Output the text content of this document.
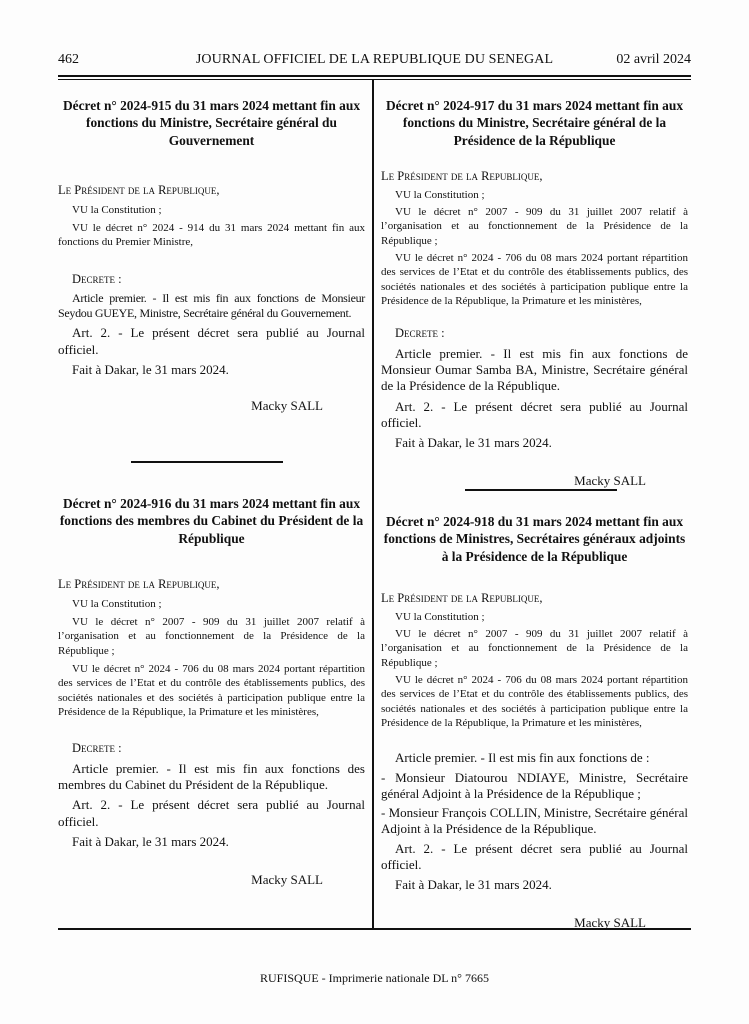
462	JOURNAL OFFICIEL DE LA REPUBLIQUE DU SENEGAL	02 avril 2024
Décret n° 2024-915 du 31 mars 2024 mettant fin aux fonctions du Ministre, Secrétaire général du Gouvernement
Le Président de la Republique,
VU la Constitution ;
VU le décret n° 2024 - 914 du 31 mars 2024 mettant fin aux fonctions du Premier Ministre,
Decrete :
Article premier. - Il est mis fin aux fonctions de Monsieur Seydou GUEYE, Ministre, Secrétaire général du Gouvernement.
Art. 2. - Le présent décret sera publié au Journal officiel.
Fait à Dakar, le 31 mars 2024.
Macky SALL
Décret n° 2024-916 du 31 mars 2024 mettant fin aux fonctions des membres du Cabinet du Président de la République
Le Président de la Republique,
VU la Constitution ;
VU le décret n° 2007 - 909 du 31 juillet 2007 relatif à l’organisation et au fonctionnement de la Présidence de la République ;
VU le décret n° 2024 - 706 du 08 mars 2024 portant répartition des services de l’Etat et du contrôle des établissements publics, des sociétés nationales et des sociétés à participation publique entre la Présidence de la République, la Primature et les ministères,
Decrete :
Article premier. - Il est mis fin aux fonctions des membres du Cabinet du Président de la République.
Art. 2. - Le présent décret sera publié au Journal officiel.
Fait à Dakar, le 31 mars 2024.
Macky SALL
Décret n° 2024-917 du 31 mars 2024 mettant fin aux fonctions du Ministre, Secrétaire général de la Présidence de la République
Le Président de la Republique,
VU la Constitution ;
VU le décret n° 2007 - 909 du 31 juillet 2007 relatif à l’organisation et au fonctionnement de la Présidence de la République ;
VU le décret n° 2024 - 706 du 08 mars 2024 portant répartition des services de l’Etat et du contrôle des établissements publics, des sociétés nationales et des sociétés à participation publique entre la Présidence de la République, la Primature et les ministères,
Decrete :
Article premier. - Il est mis fin aux fonctions de Monsieur Oumar Samba BA, Ministre, Secrétaire général de la Présidence de la République.
Art. 2. - Le présent décret sera publié au Journal officiel.
Fait à Dakar, le 31 mars 2024.
Macky SALL
Décret n° 2024-918 du 31 mars 2024 mettant fin aux fonctions de Ministres, Secrétaires généraux adjoints à la Présidence de la République
Le Président de la Republique,
VU la Constitution ;
VU le décret n° 2007 - 909 du 31 juillet 2007 relatif à l’organisation et au fonctionnement de la Présidence de la République ;
VU le décret n° 2024 - 706 du 08 mars 2024 portant répartition des services de l’Etat et du contrôle des établissements publics, des sociétés nationales et des sociétés à participation publique entre la Présidence de la République, la Primature et les ministères,
Article premier. - Il est mis fin aux fonctions de :
- Monsieur Diatourou NDIAYE, Ministre, Secrétaire général Adjoint à la Présidence de la République ;
- Monsieur François COLLIN, Ministre, Secrétaire général Adjoint à la Présidence de la République.
Art. 2. - Le présent décret sera publié au Journal officiel.
Fait à Dakar, le 31 mars 2024.
Macky SALL
RUFISQUE - Imprimerie nationale DL n° 7665
